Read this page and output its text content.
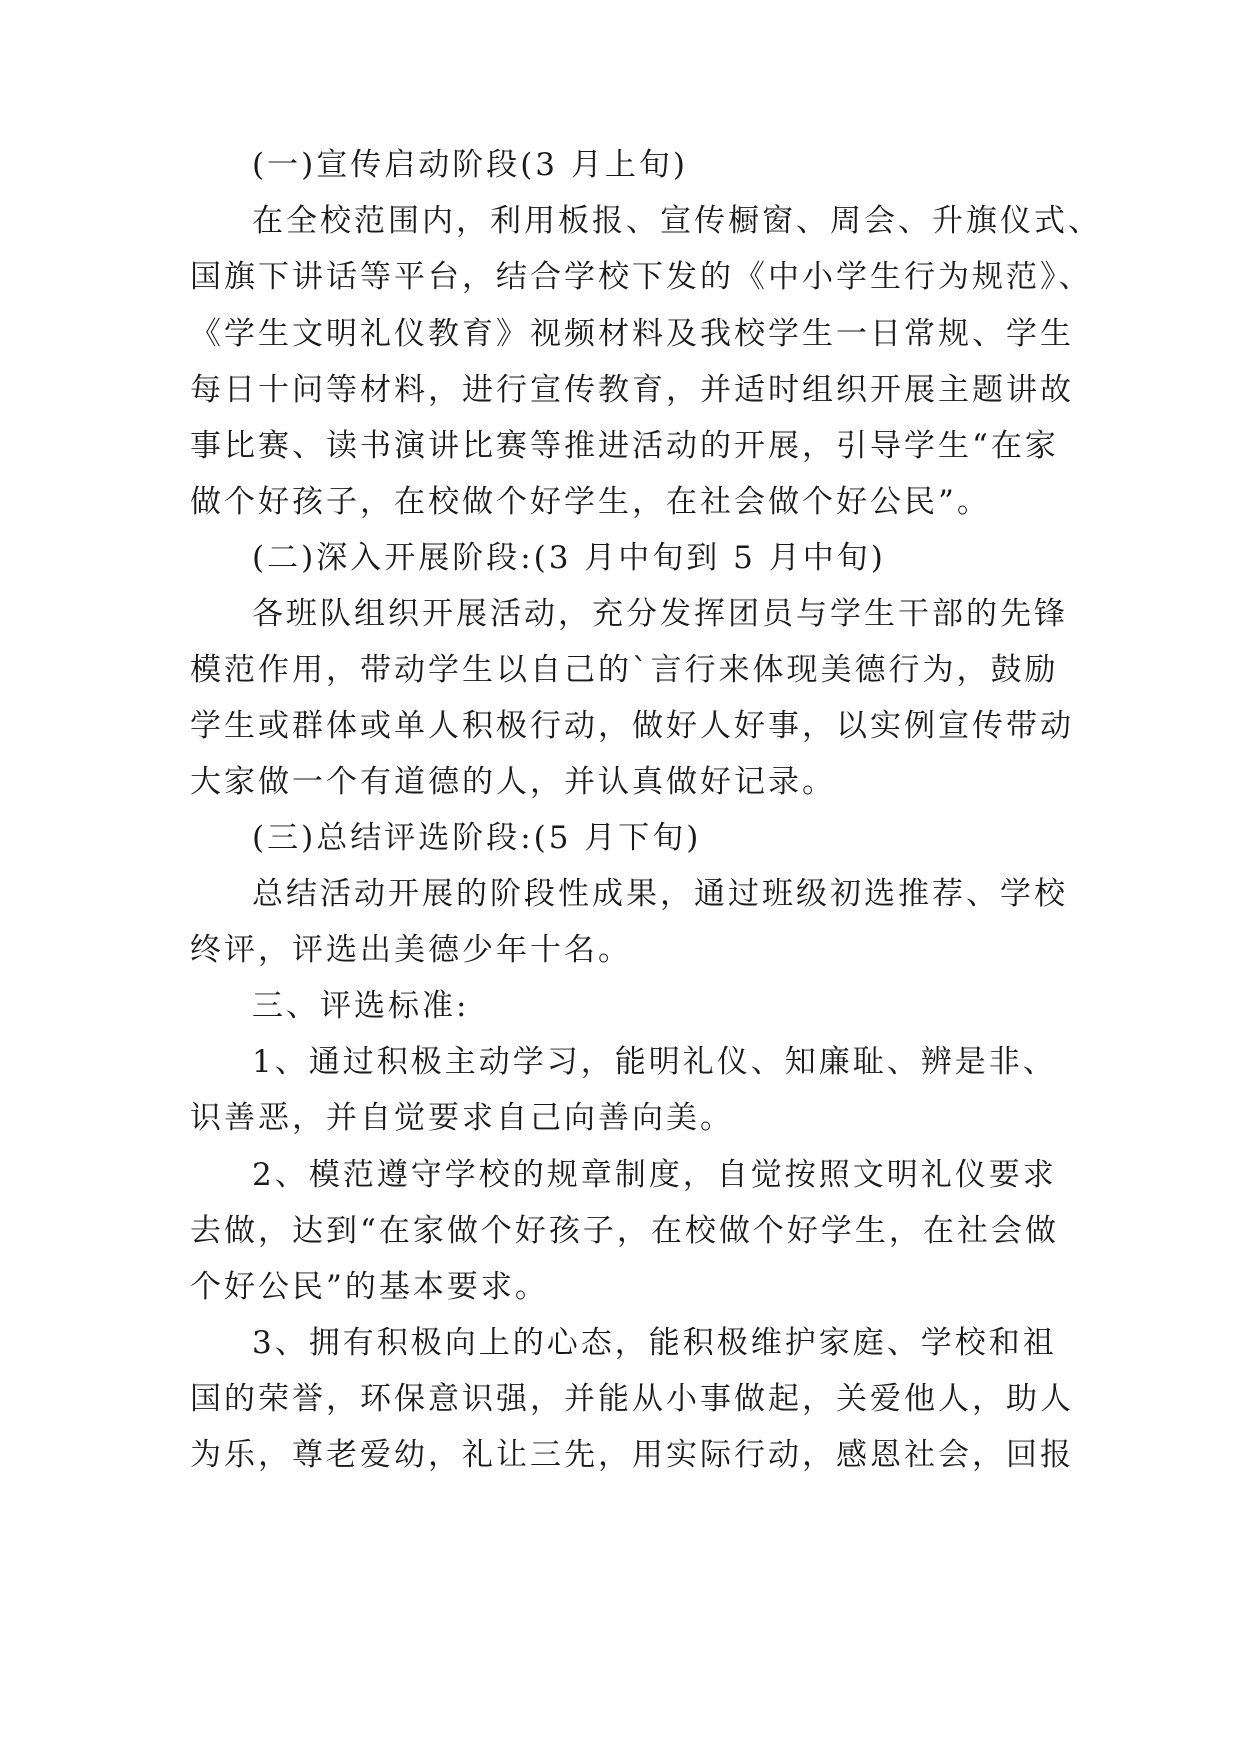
(一)宣传启动阶段(3 月上旬)
在全校范围内，利用板报、宣传橱窗、周会、升旗仪式、
国旗下讲话等平台，结合学校下发的《中小学生行为规范》、
《学生文明礼仪教育》视频材料及我校学生一日常规、学生
每日十问等材料，进行宣传教育，并适时组织开展主题讲故
事比赛、读书演讲比赛等推进活动的开展，引导学生“在家
做个好孩子，在校做个好学生，在社会做个好公民”。
(二)深入开展阶段:(3 月中旬到 5 月中旬)
各班队组织开展活动，充分发挥团员与学生干部的先锋
模范作用，带动学生以自己的`言行来体现美德行为，鼓励
学生或群体或单人积极行动，做好人好事，以实例宣传带动
大家做一个有道德的人，并认真做好记录。
(三)总结评选阶段:(5 月下旬)
总结活动开展的阶段性成果，通过班级初选推荐、学校
终评，评选出美德少年十名。
三、评选标准:
1、通过积极主动学习，能明礼仪、知廉耻、辨是非、
识善恶，并自觉要求自己向善向美。
2、模范遵守学校的规章制度，自觉按照文明礼仪要求
去做，达到“在家做个好孩子，在校做个好学生，在社会做
个好公民”的基本要求。
3、拥有积极向上的心态，能积极维护家庭、学校和祖
国的荣誉，环保意识强，并能从小事做起，关爱他人，助人
为乐，尊老爱幼，礼让三先，用实际行动，感恩社会，回报
